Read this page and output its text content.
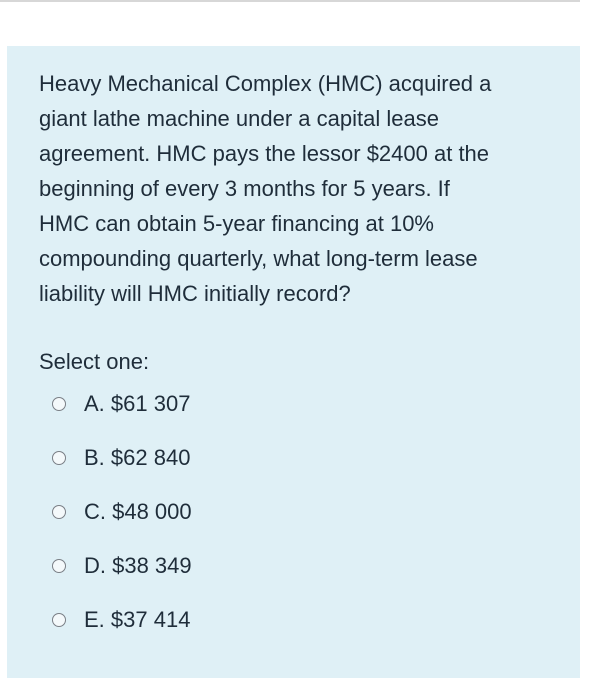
Heavy Mechanical Complex (HMC) acquired a
giant lathe machine under a capital lease
agreement. HMC pays the lessor $2400 at the
beginning of every 3 months for 5 years. If
HMC can obtain 5-year financing at 10%
compounding quarterly, what long-term lease
liability will HMC initially record?

Select one:

A. $61 307
B. $62 840
C. $48 000
D. $38 349
E. $37 414
